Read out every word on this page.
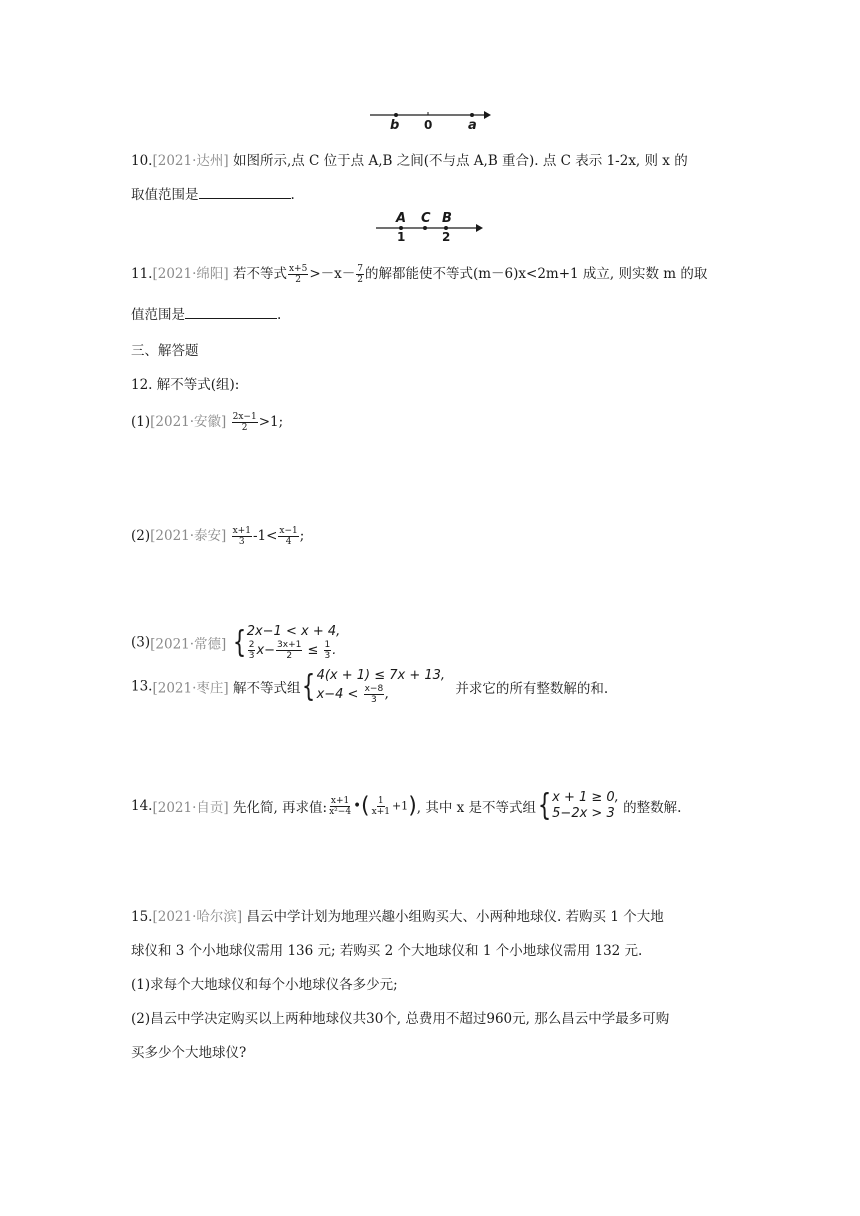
b 0	a
10.[2021·达州] 如图所示,点 C 位于点 A,B 之间(不与点 A,B 重合). 点 C 表示 1-2x, 则 x 的
取值范围是	.
A C B
1	2
11.[2021·绵阳] 若不等式 $\frac{x+5}{2} >-x- \frac{7}{2}$ 的解都能使不等式(m－6)x<2m+1 成立, 则实数 m 的取
值范围是	.
三、解答题
12. 解不等式(组):
(1)[2021·安徽] $\frac{2x-1}{2} >1$;
(2)[2021·泰安] $\frac{x+1}{3} -1< \frac{x-1}{4}$ ;
(3)[2021·常德] { 2x−1 < x + 4,
$\frac{2}{3} x- \frac{3x+1}{2} \le \frac{1}{3}$ .
13.[2021·枣庄] 解不等式组{ 4(x + 1) ≤ 7x + 13,
$x-4 < \frac{x-8}{3}$ ,	并求它的所有整数解的和.
14.[2021·自贡] 先化简, 再求值: $\frac{x+1}{\text{x²−4}}$ •( $\frac{1}{x+1} +1$), 其中 x 是不等式组{ x + 1 ≥ 0,
5−2x > 3 的整数解.
15.[2021·哈尔滨] 昌云中学计划为地理兴趣小组购买大、小两种地球仪. 若购买 1 个大地
球仪和 3 个小地球仪需用 136 元; 若购买 2 个大地球仪和 1 个小地球仪需用 132 元.
(1)求每个大地球仪和每个小地球仪各多少元;
(2)昌云中学决定购买以上两种地球仪共30个, 总费用不超过960元, 那么昌云中学最多可购
买多少个大地球仪?
